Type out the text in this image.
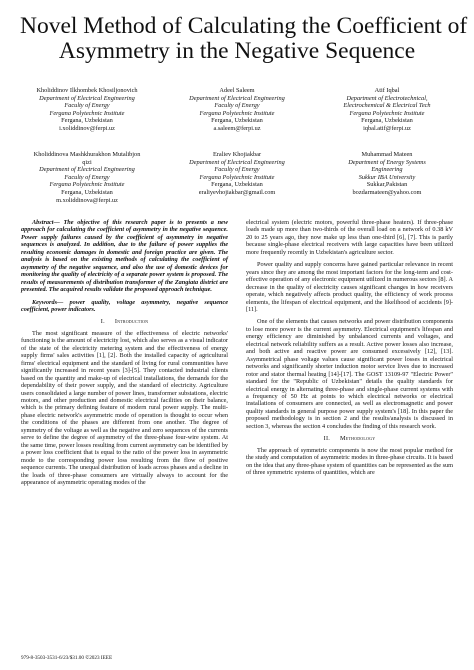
Novel Method of Calculating the Coefficient of
Asymmetry in the Negative Sequence
Kholiddinov Ilkhombek Khosiljonovich
Department of Electrical Engineering
Faculty of Energy
Fergana Polytechnic Institute
Fergana, Uzbekistan
i.xoliddinov@ferpi.uz
Adeel Saleem
Department of Electrical Engineering
Faculty of Energy
Fergana Polytechnic Institute
Fergana, Uzbekistan
a.saleem@ferpi.uz
Atif Iqbal
Department of Electrotechnical,
Electrochemical & Electrical Tech
Fergana Polytechnic Institute
Fergana, Uzbekistan
iqbal.atif@ferpi.uz
Kholiddinova Mashkhurakhon Mutalibjon
qizi
Department of Electrical Engineering
Faculty of Energy
Fergana Polytechnic Institute
Fergana, Uzbekistan
m.xoliddinova@ferpi.uz
Eraliev Khojiakbar
Department of Electrical Engineering
Faculty of Energy
Fergana Polytechnic Institute
Fergana, Uzbekistan
eraliyevhojiakbar@gmail.com
Muhammad Mateen
Department of Energy Systems
Engineering
Sukkur IBA University
Sukkar,Pakistan
bozdarmateen@yahoo.com

Abstract— The objective of this research paper is to presents a new approach for calculating the coefficient of asymmetry in the negative sequence. Power supply failures caused by the coefficient of asymmetry in negative sequences is analyzed. In addition, due to the failure of power supplies the resulting economic damages in domestic and foreign practice are given. The analysis is based on the existing methods of calculating the coefficient of asymmetry of the negative sequence, and also the use of domestic devices for monitoring the quality of electricity of a separate power system is proposed. The results of measurements of distribution transformer of the Zangiata district are presented. The acquired results validate the proposed approach technique.

Keywords— power quality, voltage asymmetry, negative sequence coefficient, power indicators.

I. Introduction

The most significant measure of the effectiveness of electric networks' functioning is the amount of electricity lost, which also serves as a visual indicator of the state of the electricity metering system and the effectiveness of energy supply firms' sales activities [1], [2]. Both the installed capacity of agricultural firms' electrical equipment and the standard of living for rural communities have significantly increased in recent years [3]-[5]. They contacted industrial clients based on the quantity and make-up of electrical installations, the demands for the dependability of their power supply, and the standard of electricity. Agriculture users consolidated a large number of power lines, transformer substations, electric motors, and other production and domestic electrical facilities on their balance, which is the primary defining feature of modern rural power supply. The multi-phase electric network's asymmetric mode of operation is thought to occur when the conditions of the phases are different from one another. The degree of symmetry of the voltage as well as the negative and zero sequences of the currents serve to define the degree of asymmetry of the three-phase four-wire system. At the same time, power losses resulting from current asymmetry can be identified by a power loss coefficient that is equal to the ratio of the power loss in asymmetric mode to the corresponding power loss resulting from the flow of positive sequence currents. The unequal distribution of loads across phases and a decline in the loads of three-phase consumers are virtually always to account for the appearance of asymmetric operating modes of the

electrical system (electric motors, powerful three-phase heaters). If three-phase loads made up more than two-thirds of the overall load on a network of 0.38 kV 20 to 25 years ago, they now make up less than one-third [6], [7]. This is partly because single-phase electrical receivers with large capacities have been utilized more frequently recently in Uzbekistan's agriculture sector.

Power quality and supply concerns have gained particular relevance in recent years since they are among the most important factors for the long-term and cost-effective operation of any electronic equipment utilized in numerous sectors [8]. A decrease in the quality of electricity causes significant changes in how receivers operate, which negatively affects product quality, the efficiency of work process elements, the lifespan of electrical equipment, and the likelihood of accidents [9]-[11].

One of the elements that causes networks and power distribution components to lose more power is the current asymmetry. Electrical equipment's lifespan and energy efficiency are diminished by unbalanced currents and voltages, and electrical network reliability suffers as a result. Active power losses also increase, and both active and reactive power are consumed excessively [12], [13]. Asymmetrical phase voltage values cause significant power losses in electrical networks and significantly shorter induction motor service lives due to increased rotor and stator thermal heating [14]-[17]. The GOST 13109-97 "Electric Power" standard for the "Republic of Uzbekistan" details the quality standards for electrical energy in alternating three-phase and single-phase current systems with a frequency of 50 Hz at points to which electrical networks or electrical installations of consumers are connected, as well as electromagnetic and power quality standards in general purpose power supply system's [18]. In this paper the proposed methodology is in section 2 and the results/analysis is discussed in section 3, whereas the section 4 concludes the finding of this research work.

II. Methodology

The approach of symmetric components is now the most popular method for the study and computation of asymmetric modes in three-phase circuits. It is based on the idea that any three-phase system of quantities can be represented as the sum of three symmetric systems of quantities, which are

979-8-3503-3531-6/23/$31.00 ©2023 IEEE
